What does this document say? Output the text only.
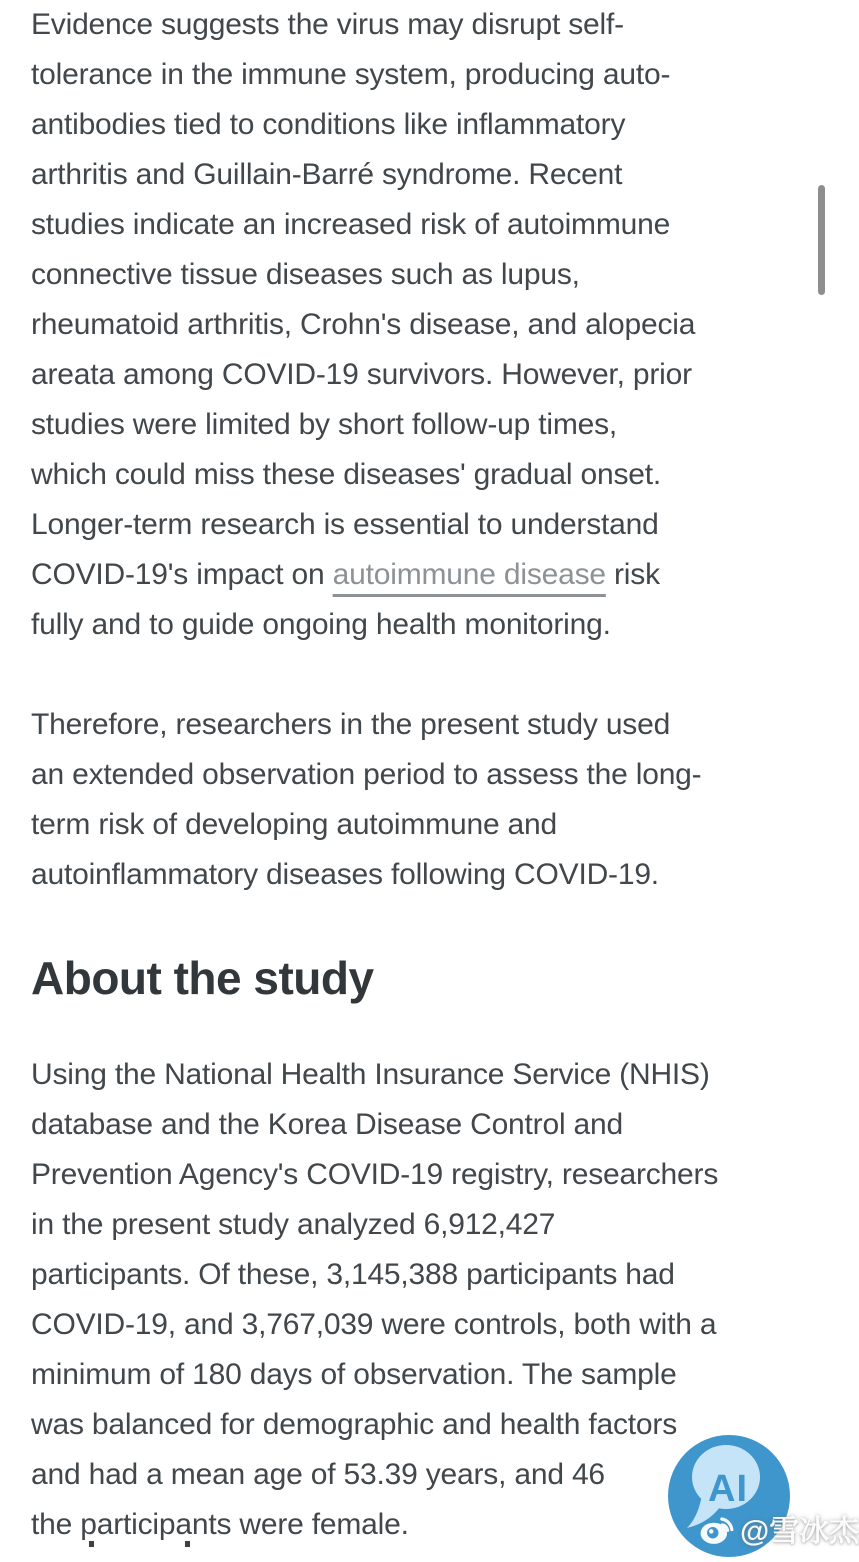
Evidence suggests the virus may disrupt self-
tolerance in the immune system, producing auto-
antibodies tied to conditions like inflammatory
arthritis and Guillain-Barré syndrome. Recent
studies indicate an increased risk of autoimmune
connective tissue diseases such as lupus,
rheumatoid arthritis, Crohn's disease, and alopecia
areata among COVID-19 survivors. However, prior
studies were limited by short follow-up times,
which could miss these diseases' gradual onset.
Longer-term research is essential to understand
COVID-19's impact on autoimmune disease risk
fully and to guide ongoing health monitoring.

Therefore, researchers in the present study used
an extended observation period to assess the long-
term risk of developing autoimmune and
autoinflammatory diseases following COVID-19.

About the study

Using the National Health Insurance Service (NHIS)
database and the Korea Disease Control and
Prevention Agency's COVID-19 registry, researchers
in the present study analyzed 6,912,427
participants. Of these, 3,145,388 participants had
COVID-19, and 3,767,039 were controls, both with a
minimum of 180 days of observation. The sample
was balanced for demographic and health factors
and had a mean age of 53.39 years, and 46
the participants were female.

AI
@雪冰杰
